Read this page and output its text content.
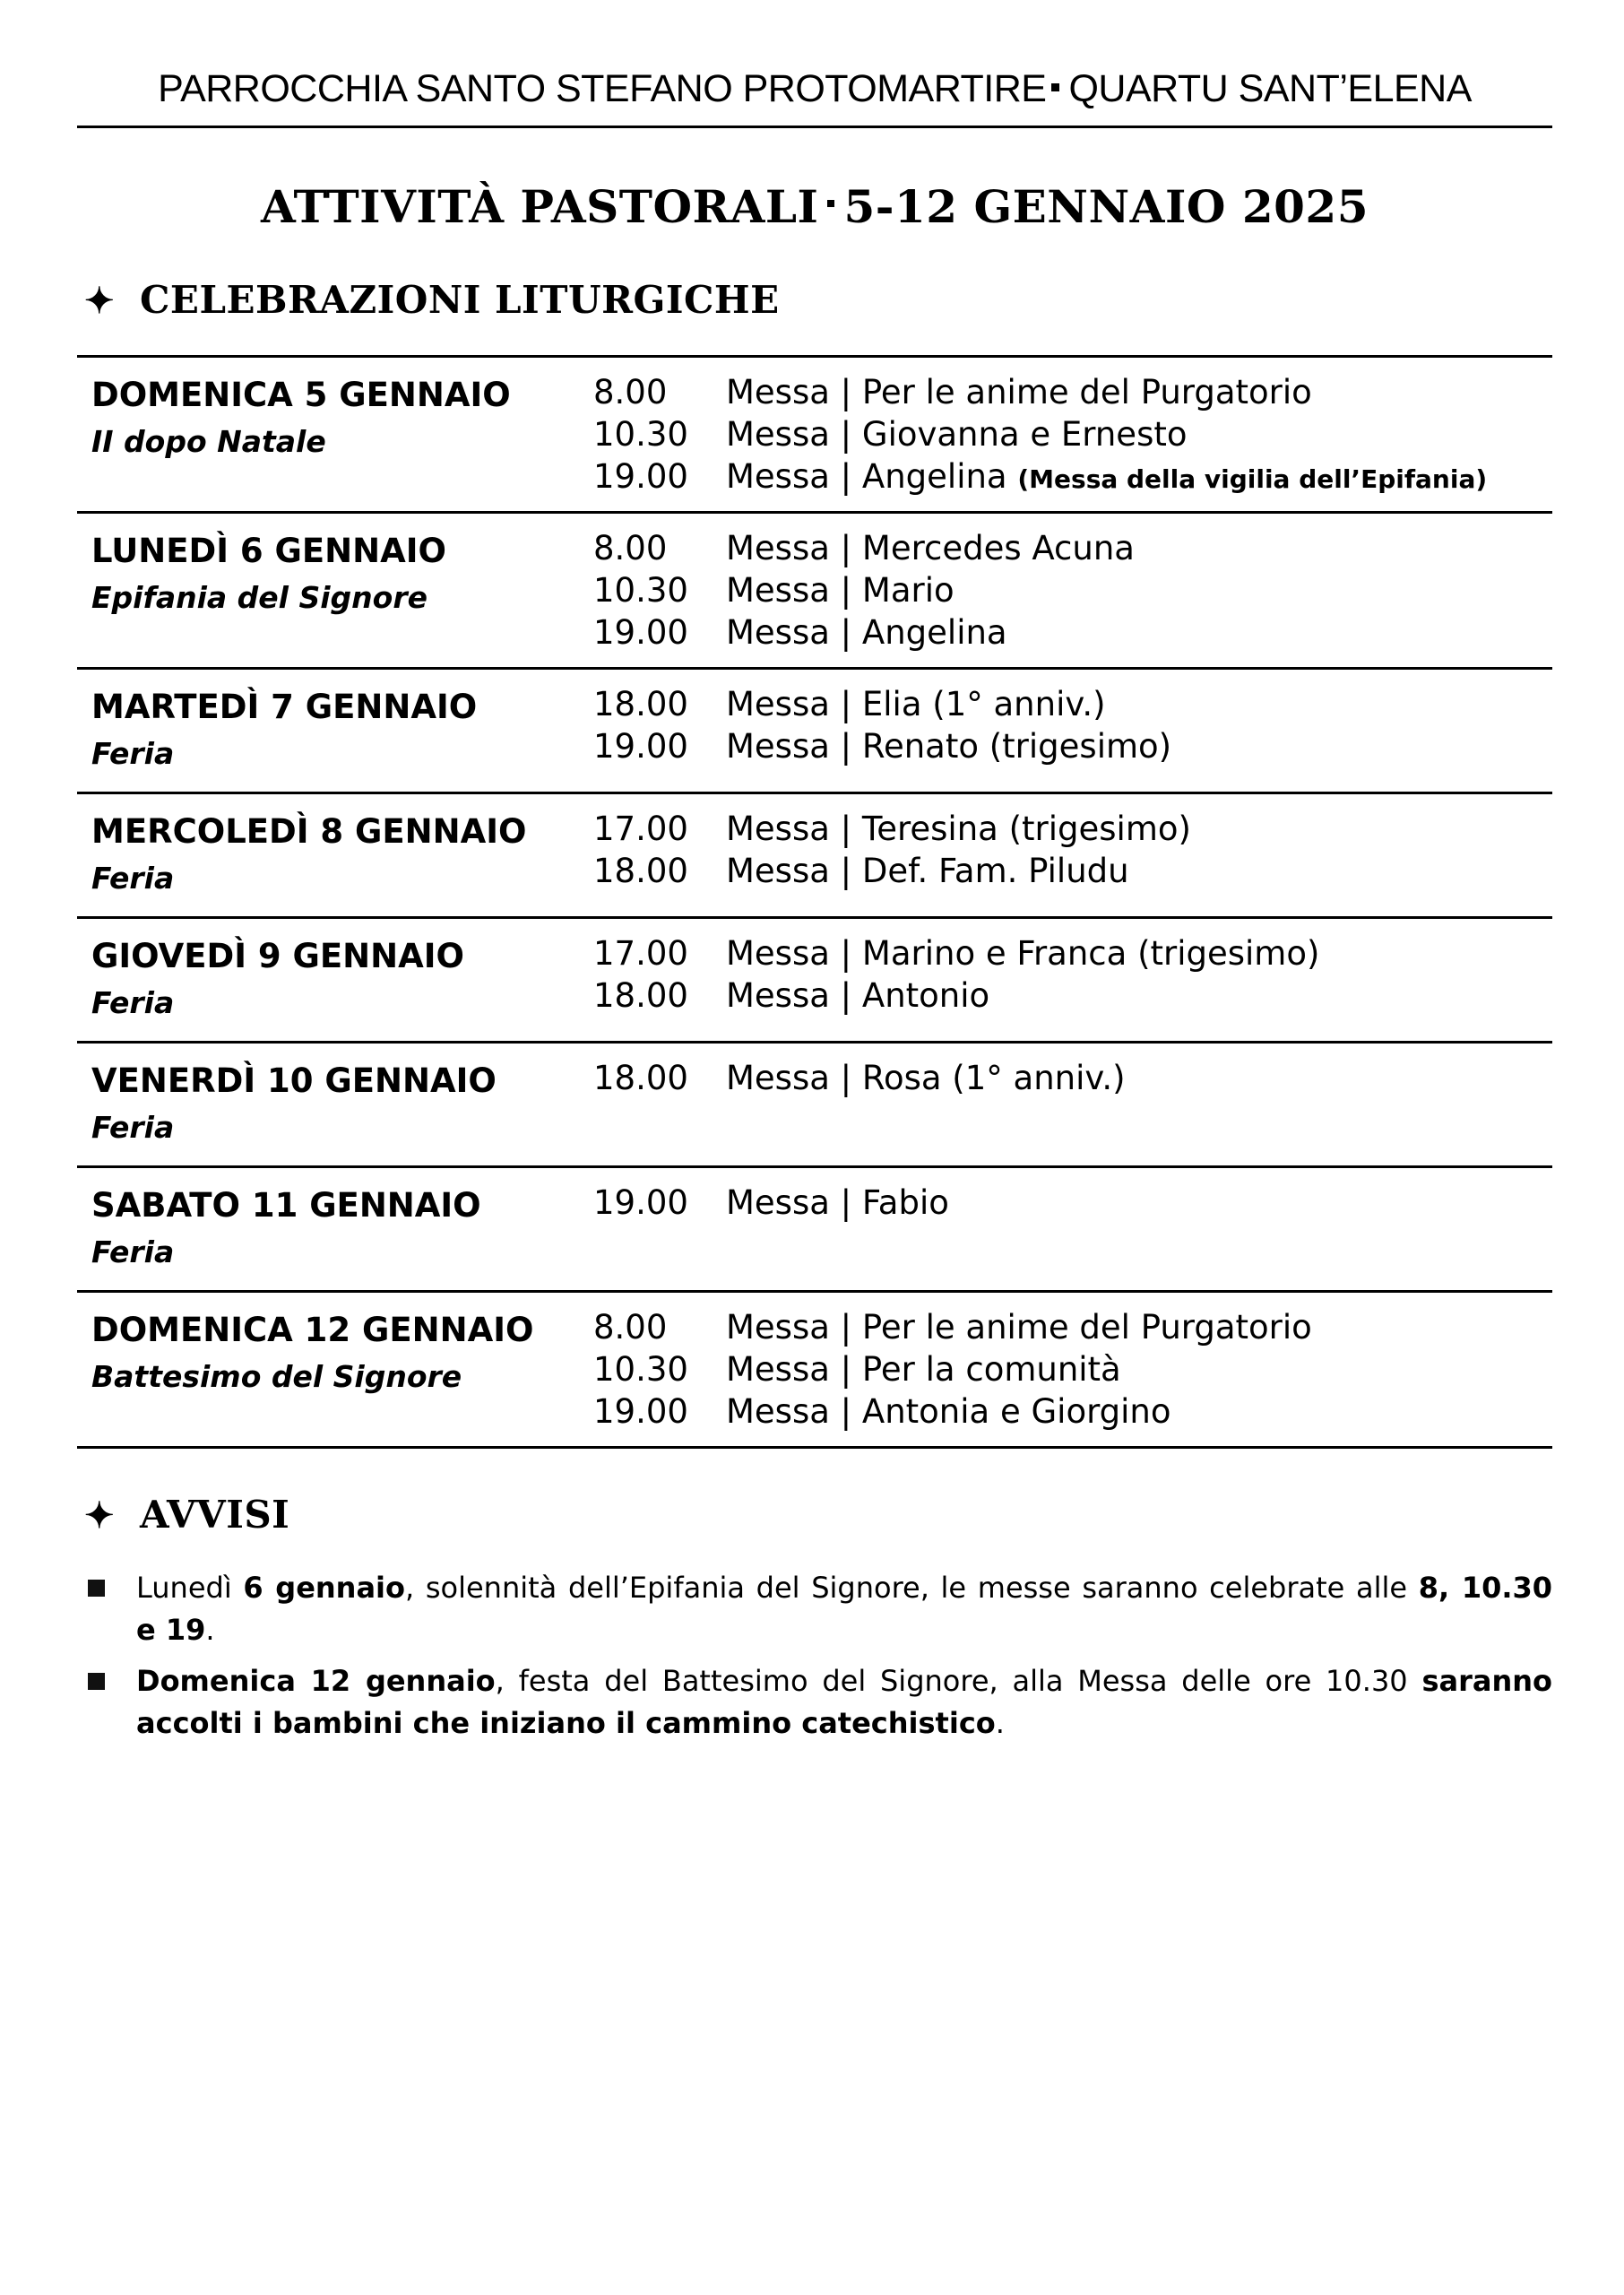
PARROCCHIA SANTO STEFANO PROTOMARTIRE QUARTU SANT’ELENA
ATTIVITÀ PASTORALI 5-12 GENNAIO 2025
✦ CELEBRAZIONI LITURGICHE
DOMENICA 5 GENNAIO
II dopo Natale
8.00 Messa | Per le anime del Purgatorio
10.30 Messa | Giovanna e Ernesto
19.00 Messa | Angelina (Messa della vigilia dell’Epifania)
LUNEDÌ 6 GENNAIO
Epifania del Signore
8.00 Messa | Mercedes Acuna
10.30 Messa | Mario
19.00 Messa | Angelina
MARTEDÌ 7 GENNAIO
Feria
18.00 Messa | Elia (1° anniv.)
19.00 Messa | Renato (trigesimo)
MERCOLEDÌ 8 GENNAIO
Feria
17.00 Messa | Teresina (trigesimo)
18.00 Messa | Def. Fam. Piludu
GIOVEDÌ 9 GENNAIO
Feria
17.00 Messa | Marino e Franca (trigesimo)
18.00 Messa | Antonio
VENERDÌ 10 GENNAIO
Feria
18.00 Messa | Rosa (1° anniv.)
SABATO 11 GENNAIO
Feria
19.00 Messa | Fabio
DOMENICA 12 GENNAIO
Battesimo del Signore
8.00 Messa | Per le anime del Purgatorio
10.30 Messa | Per la comunità
19.00 Messa | Antonia e Giorgino
✦ AVVISI
Lunedì 6 gennaio, solennità dell’Epifania del Signore, le messe saranno celebrate alle 8, 10.30 e 19.
Domenica 12 gennaio, festa del Battesimo del Signore, alla Messa delle ore 10.30 saranno accolti i bambini che iniziano il cammino catechistico.
